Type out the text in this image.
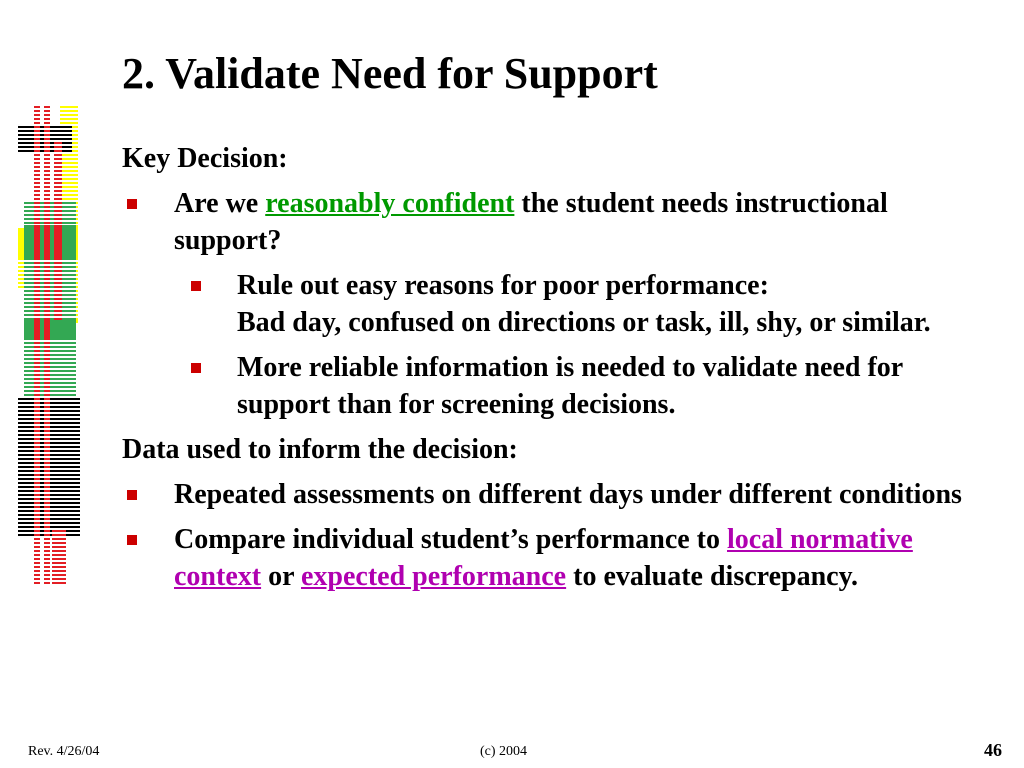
2. Validate Need for Support

Key Decision:

Are we reasonably confident the student needs instructional support?
Rule out easy reasons for poor performance:
Bad day, confused on directions or task, ill, shy, or similar.
More reliable information is needed to validate need for support than for screening decisions.

Data used to inform the decision:

Repeated assessments on different days under different conditions
Compare individual student’s performance to local normative context or expected performance to evaluate discrepancy.
Rev. 4/26/04	(c) 2004	46
